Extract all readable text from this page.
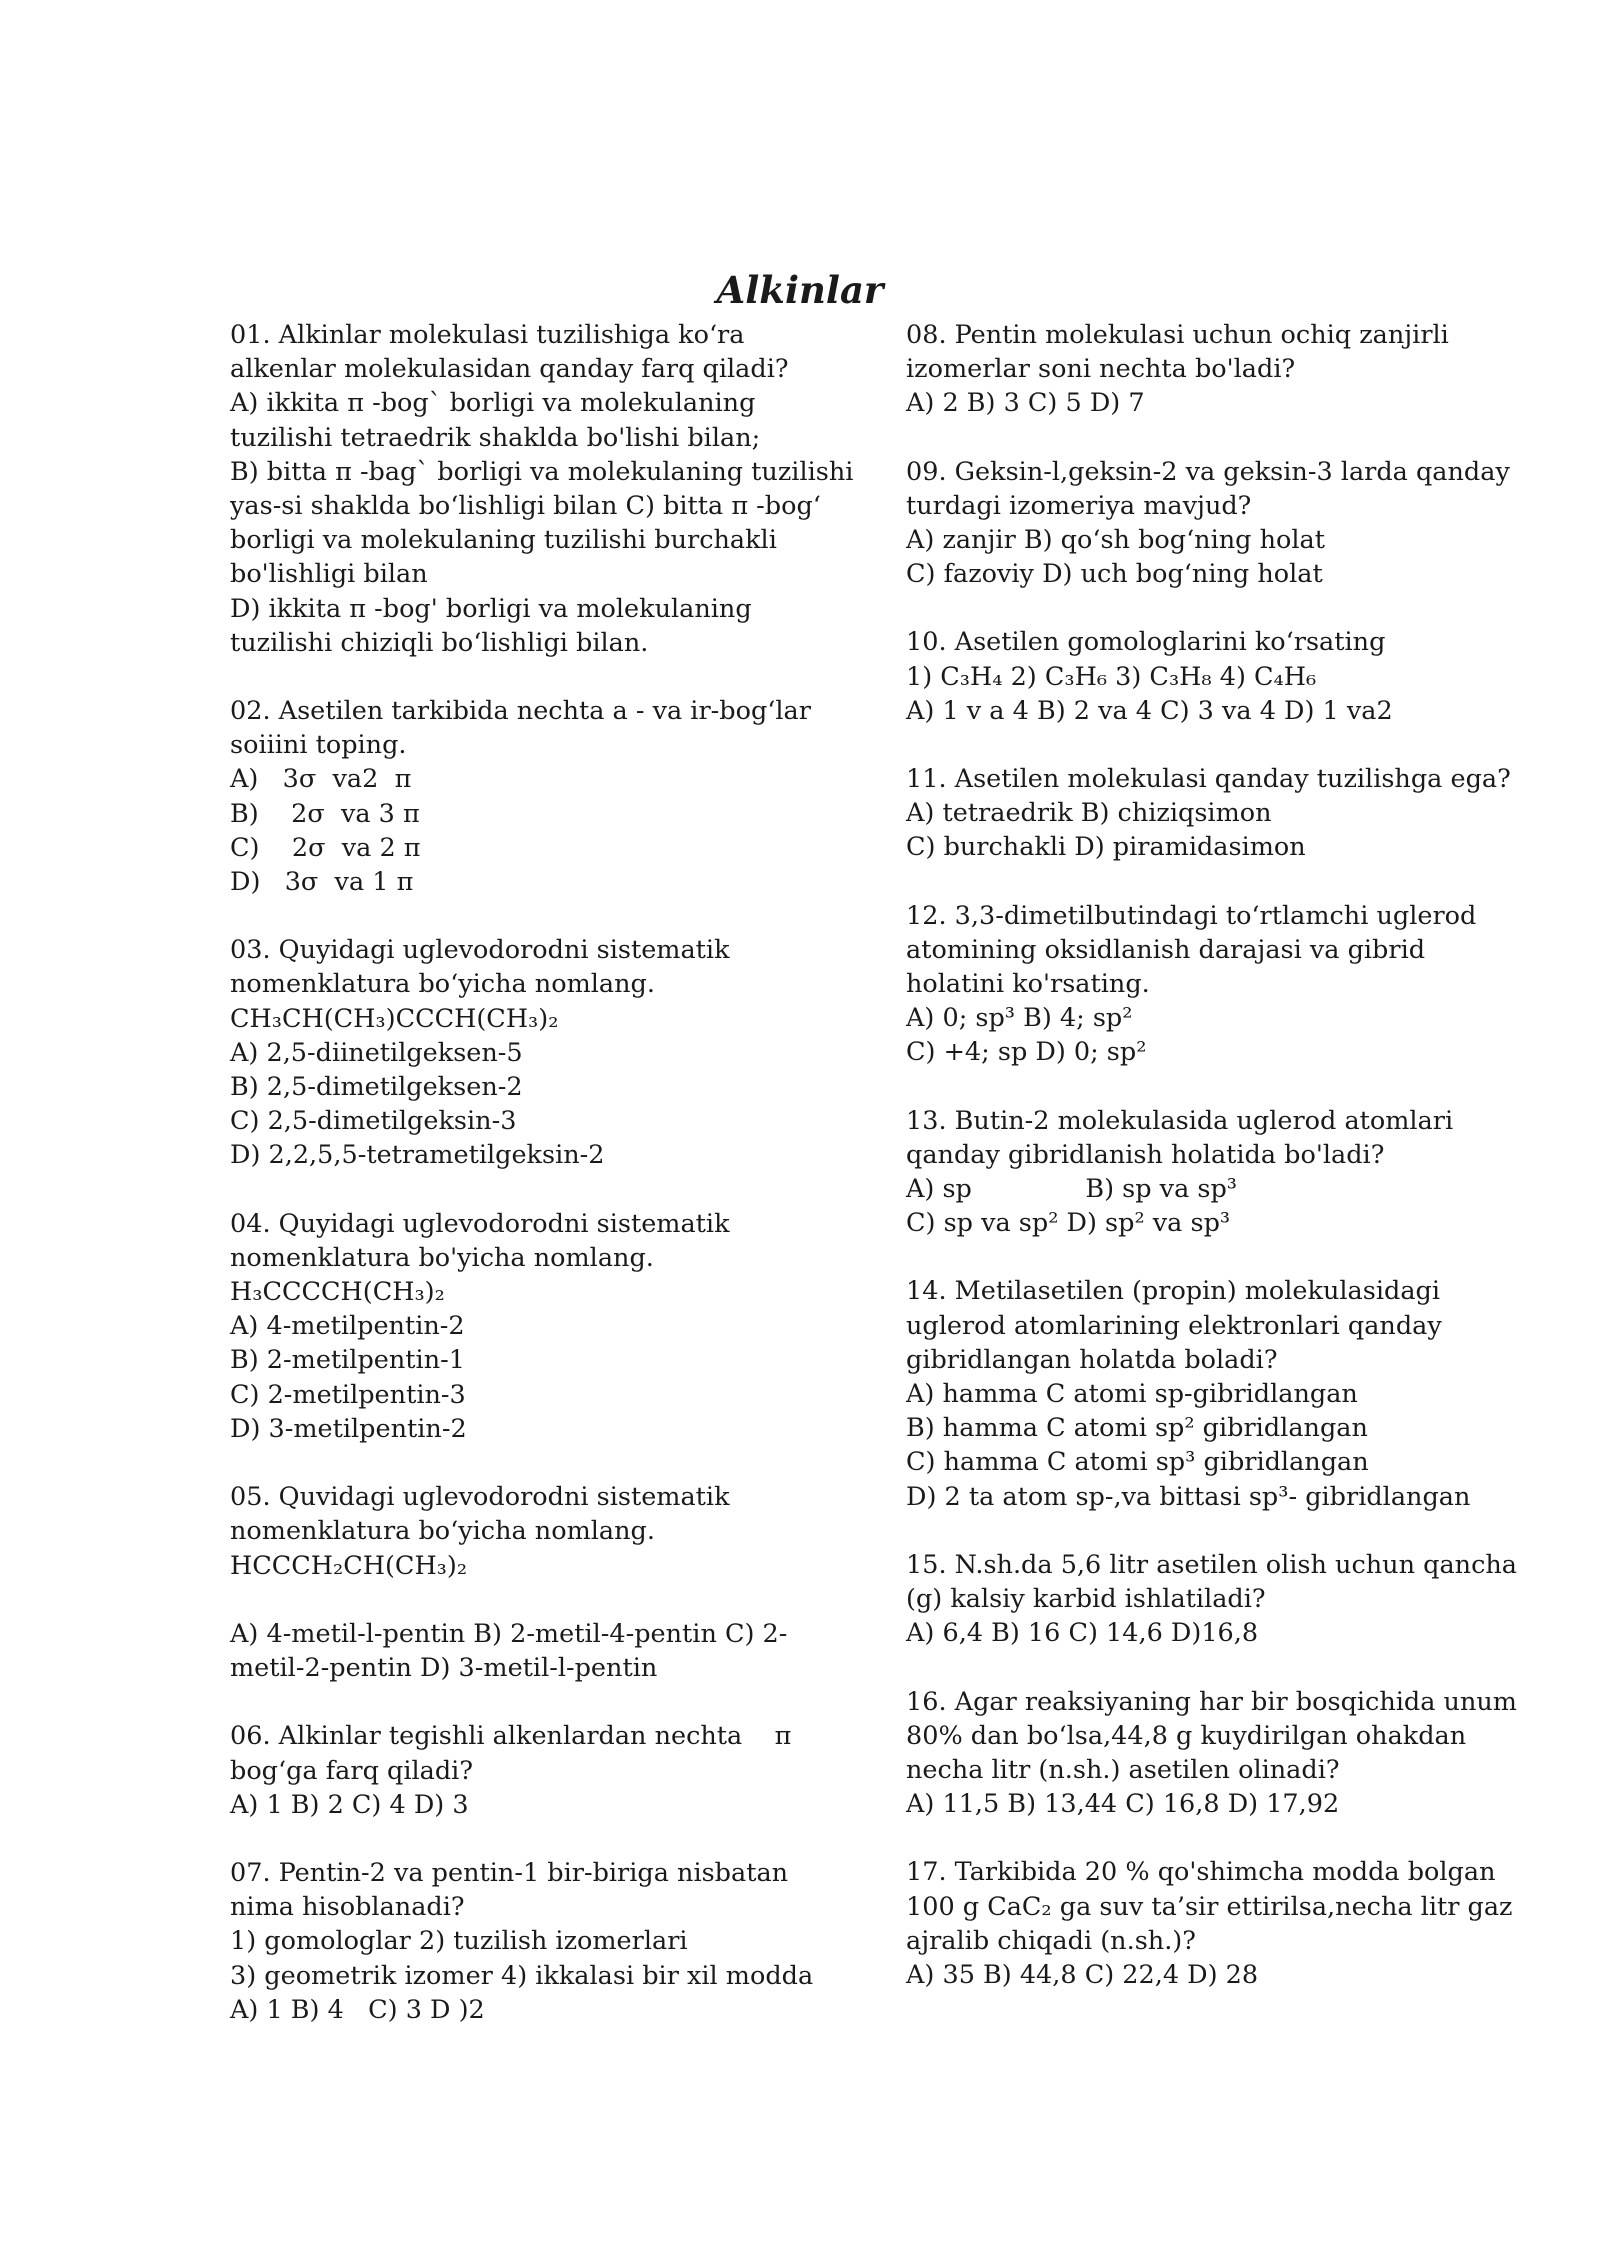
Alkinlar
01. Alkinlar molekulasi tuzilishiga ko‘ra
alkenlar molekulasidan qanday farq qiladi?
A) ikkita π -bog` borligi va molekulaning
tuzilishi tetraedrik shaklda bo'lishi bilan;
B) bitta π -bag` borligi va molekulaning tuzilishi
yas-si shaklda bo‘lishligi bilan C) bitta π -bog‘
borligi va molekulaning tuzilishi burchakli
bo'lishligi bilan
D) ikkita π -bog' borligi va molekulaning
tuzilishi chiziqli bo‘lishligi bilan.
02. Asetilen tarkibida nechta a - va ir-bog‘lar
soiiini toping.
A)   3σ  va2  π
B)    2σ  va 3 π
C)    2σ  va 2 π
D)   3σ  va 1 π
03. Quyidagi uglevodorodni sistematik
nomenklatura bo‘yicha nomlang.
CH₃CH(CH₃)CCCH(CH₃)₂
A) 2,5-diinetilgeksen-5
B) 2,5-dimetilgeksen-2
C) 2,5-dimetilgeksin-3
D) 2,2,5,5-tetrametilgeksin-2
04. Quyidagi uglevodorodni sistematik
nomenklatura bo'yicha nomlang.
H₃CCCCH(CH₃)₂
A) 4-metilpentin-2
B) 2-metilpentin-1
C) 2-metilpentin-3
D) 3-metilpentin-2
05. Quvidagi uglevodorodni sistematik
nomenklatura bo‘yicha nomlang.
HCCCH₂CH(CH₃)₂

A) 4-metil-l-pentin B) 2-metil-4-pentin C) 2-
metil-2-pentin D) 3-metil-l-pentin
06. Alkinlar tegishli alkenlardan nechta    π
bog‘ga farq qiladi?
A) 1 B) 2 C) 4 D) 3
07. Pentin-2 va pentin-1 bir-biriga nisbatan
nima hisoblanadi?
1) gomologlar 2) tuzilish izomerlari
3) geometrik izomer 4) ikkalasi bir xil modda
A) 1 B) 4   C) 3 D )2
08. Pentin molekulasi uchun ochiq zanjirli
izomerlar soni nechta bo'ladi?
A) 2 B) 3 C) 5 D) 7
09. Geksin-l,geksin-2 va geksin-3 larda qanday
turdagi izomeriya mavjud?
A) zanjir B) qo‘sh bog‘ning holat
C) fazoviy D) uch bog‘ning holat
10. Asetilen gomologlarini ko‘rsating
1) C₃H₄ 2) C₃H₆ 3) C₃H₈ 4) C₄H₆
A) 1 v a 4 B) 2 va 4 C) 3 va 4 D) 1 va2
11. Asetilen molekulasi qanday tuzilishga ega?
A) tetraedrik B) chiziqsimon
C) burchakli D) piramidasimon
12. 3,3-dimetilbutindagi to‘rtlamchi uglerod
atomining oksidlanish darajasi va gibrid
holatini ko'rsating.
A) 0; sp³ B) 4; sp²
C) +4; sp D) 0; sp²
13. Butin-2 molekulasida uglerod atomlari
qanday gibridlanish holatida bo'ladi?
A) sp              B) sp va sp³
C) sp va sp² D) sp² va sp³
14. Metilasetilen (propin) molekulasidagi
uglerod atomlarining elektronlari qanday
gibridlangan holatda boladi?
A) hamma C atomi sp-gibridlangan
B) hamma C atomi sp² gibridlangan
C) hamma C atomi sp³ gibridlangan
D) 2 ta atom sp-,va bittasi sp³- gibridlangan
15. N.sh.da 5,6 litr asetilen olish uchun qancha
(g) kalsiy karbid ishlatiladi?
A) 6,4 B) 16 C) 14,6 D)16,8
16. Agar reaksiyaning har bir bosqichida unum
80% dan bo‘lsa,44,8 g kuydirilgan ohakdan
necha litr (n.sh.) asetilen olinadi?
A) 11,5 B) 13,44 C) 16,8 D) 17,92
17. Tarkibida 20 % qo'shimcha modda bolgan
100 g CaC₂ ga suv ta’sir ettirilsa,necha litr gaz
ajralib chiqadi (n.sh.)?
A) 35 B) 44,8 C) 22,4 D) 28
